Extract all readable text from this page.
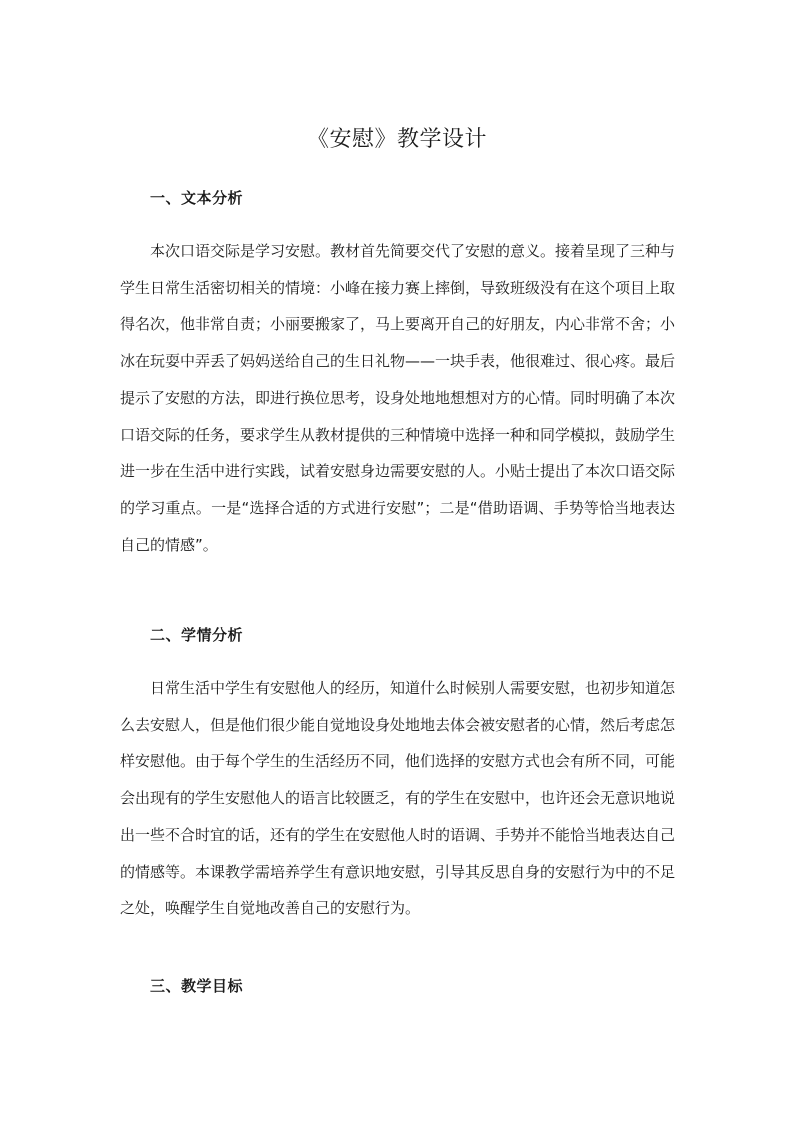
《安慰》教学设计
一、文本分析
本次口语交际是学习安慰。教材首先简要交代了安慰的意义。接着呈现了三种与学生日常生活密切相关的情境：小峰在接力赛上摔倒，导致班级没有在这个项目上取得名次，他非常自责；小丽要搬家了，马上要离开自己的好朋友，内心非常不舍；小冰在玩耍中弄丢了妈妈送给自己的生日礼物——一块手表，他很难过、很心疼。最后提示了安慰的方法，即进行换位思考，设身处地地想想对方的心情。同时明确了本次口语交际的任务，要求学生从教材提供的三种情境中选择一种和同学模拟，鼓励学生进一步在生活中进行实践，试着安慰身边需要安慰的人。小贴士提出了本次口语交际的学习重点。一是“选择合适的方式进行安慰”；二是“借助语调、手势等恰当地表达自己的情感”。
二、学情分析
日常生活中学生有安慰他人的经历，知道什么时候别人需要安慰，也初步知道怎么去安慰人，但是他们很少能自觉地设身处地地去体会被安慰者的心情，然后考虑怎样安慰他。由于每个学生的生活经历不同，他们选择的安慰方式也会有所不同，可能会出现有的学生安慰他人的语言比较匮乏，有的学生在安慰中，也许还会无意识地说出一些不合时宜的话，还有的学生在安慰他人时的语调、手势并不能恰当地表达自己的情感等。本课教学需培养学生有意识地安慰，引导其反思自身的安慰行为中的不足之处，唤醒学生自觉地改善自己的安慰行为。
三、教学目标
